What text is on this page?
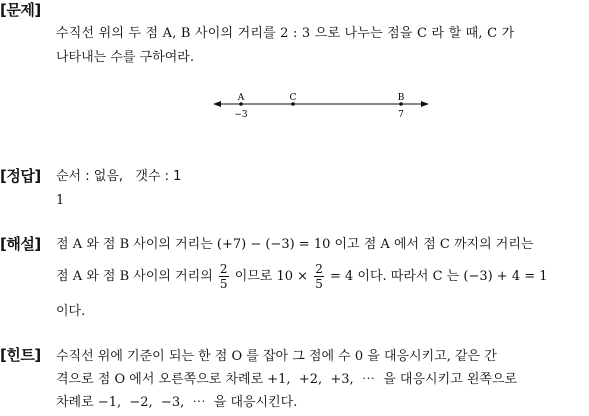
[문제]
수직선 위의 두 점 A, B 사이의 거리를 2 : 3 으로 나누는 점을 C 라 할 때, C 가
나타내는 수를 구하여라.
A	C	B
−3	7
[정답] 순서 : 없음,   갯수 : 1
1
[해설] 점 A 와 점 B 사이의 거리는 (+7) − (−3) = 10 이고 점 A 에서 점 C 까지의 거리는
점 A 와 점 B 사이의 거리의 $\frac{2}{5}$ 이므로 $10 \times \frac{2}{5} = 4$ 이다. 따라서 C 는 (−3) + 4 = 1
이다.
[힌트] 수직선 위에 기준이 되는 한 점 O 를 잡아 그 점에 수 0 을 대응시키고, 같은 간
격으로 점 O 에서 오른쪽으로 차례로 +1,  +2,  +3,  ⋯  을 대응시키고 왼쪽으로
차례로 −1,  −2,  −3,  ⋯  을 대응시킨다.
